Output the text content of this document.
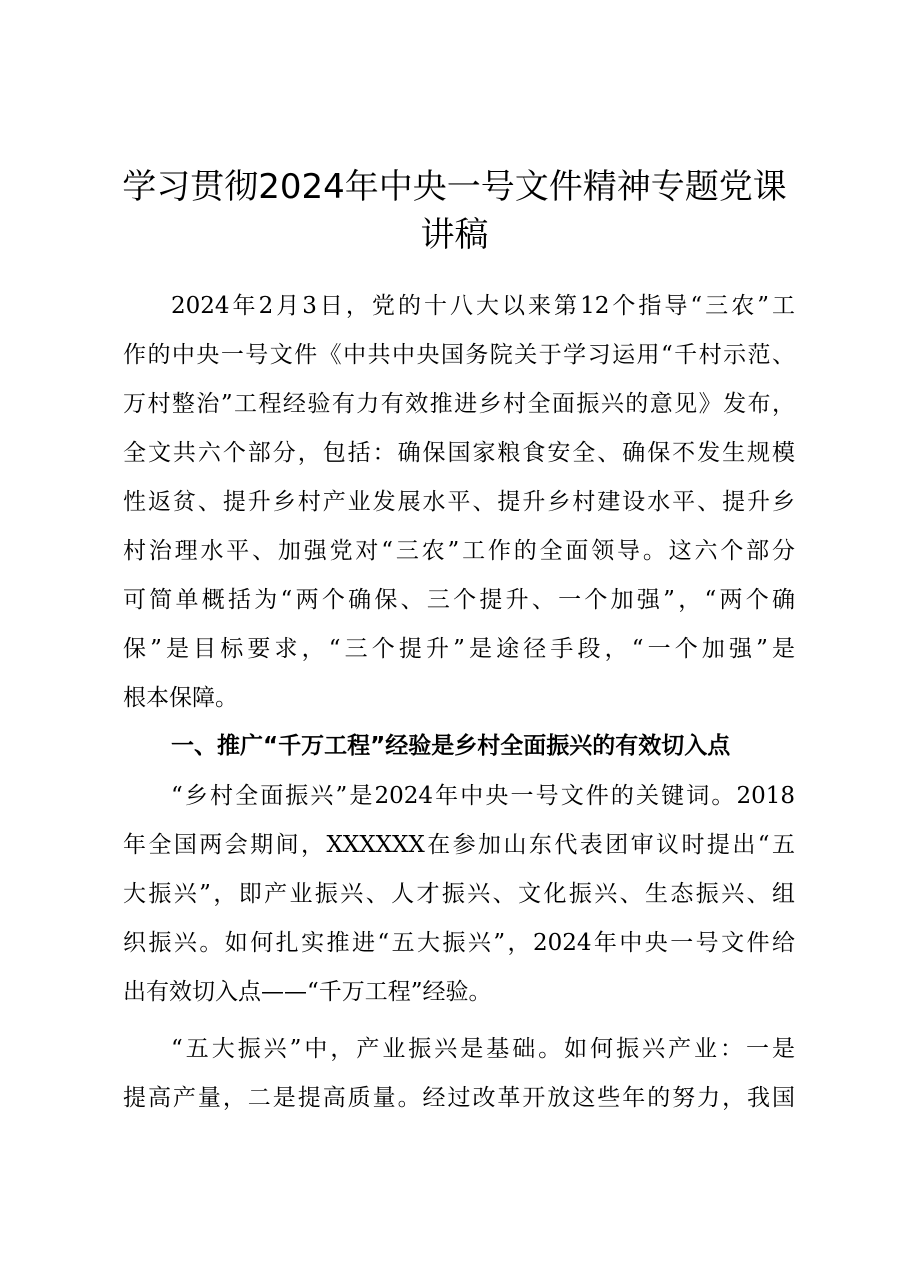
学习贯彻2024年中央一号文件精神专题党课
讲稿
2024年2月3日，党的十八大以来第12个指导“三农”工
作的中央一号文件《中共中央国务院关于学习运用“千村示范、
万村整治”工程经验有力有效推进乡村全面振兴的意见》发布，
全文共六个部分，包括：确保国家粮食安全、确保不发生规模
性返贫、提升乡村产业发展水平、提升乡村建设水平、提升乡
村治理水平、加强党对“三农”工作的全面领导。这六个部分
可简单概括为“两个确保、三个提升、一个加强”，“两个确
保”是目标要求，“三个提升”是途径手段，“一个加强”是
根本保障。
一、推广“千万工程”经验是乡村全面振兴的有效切入点
“乡村全面振兴”是2024年中央一号文件的关键词。2018
年全国两会期间，XXXXXX在参加山东代表团审议时提出“五
大振兴”，即产业振兴、人才振兴、文化振兴、生态振兴、组
织振兴。如何扎实推进“五大振兴”，2024年中央一号文件给
出有效切入点——“千万工程”经验。
“五大振兴”中，产业振兴是基础。如何振兴产业：一是
提高产量，二是提高质量。经过改革开放这些年的努力，我国
